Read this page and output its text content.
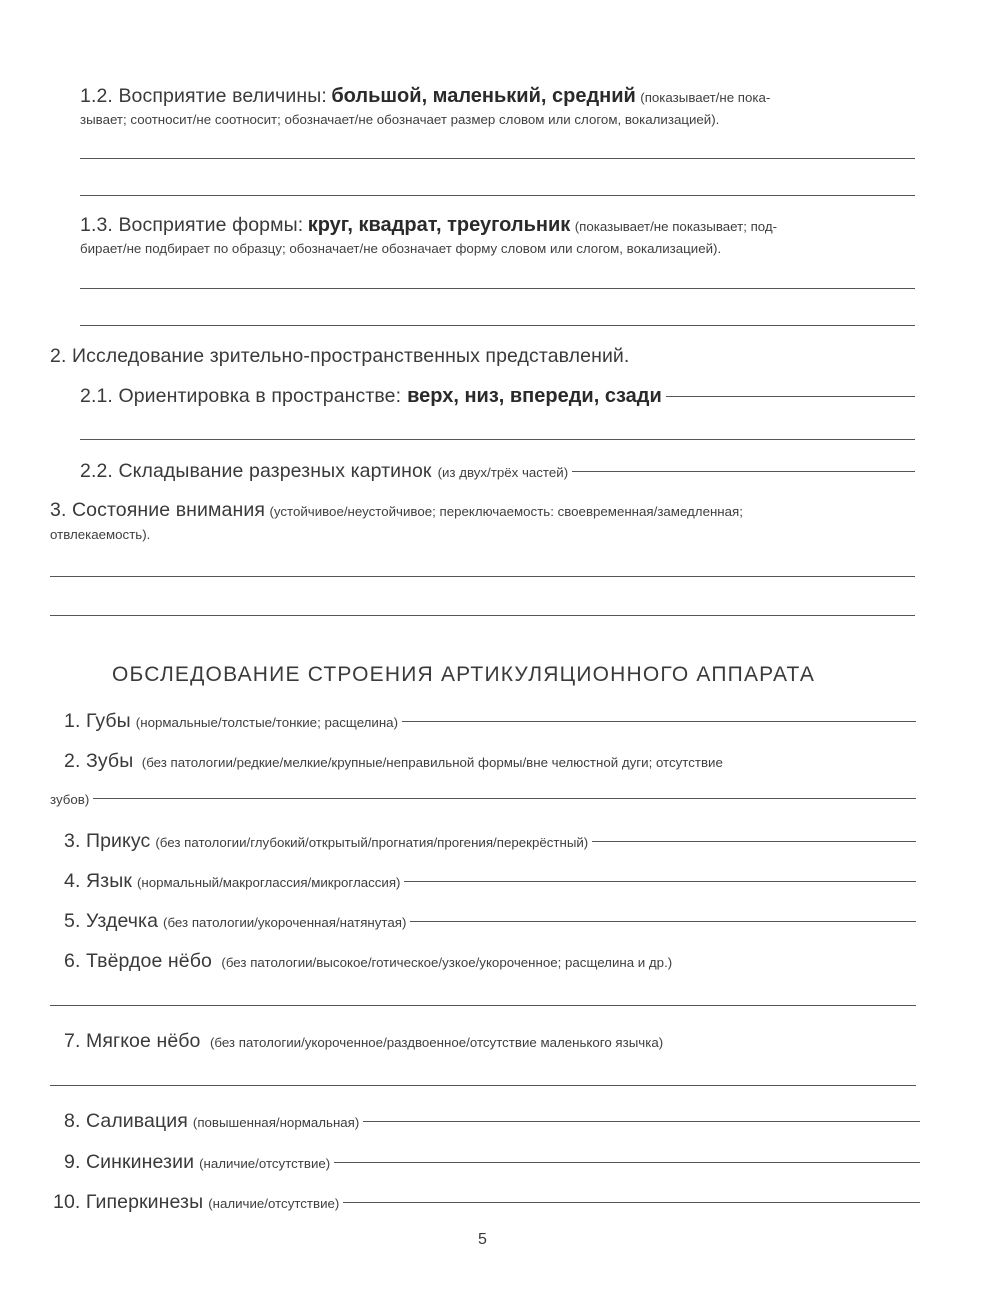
1.2. Восприятие величины: большой, маленький, средний (показывает/не пока-
зывает; соотносит/не соотносит; обозначает/не обозначает размер словом или слогом, вокализацией).
1.3. Восприятие формы: круг, квадрат, треугольник (показывает/не показывает; под-
бирает/не подбирает по образцу; обозначает/не обозначает форму словом или слогом, вокализацией).
2. Исследование зрительно-пространственных представлений.
2.1. Ориентировка в пространстве: верх, низ, впереди, сзади
2.2. Складывание разрезных картинок (из двух/трёх частей)
3. Состояние внимания (устойчивое/неустойчивое; переключаемость: своевременная/замедленная;
отвлекаемость).
ОБСЛЕДОВАНИЕ СТРОЕНИЯ АРТИКУЛЯЦИОННОГО АППАРАТА
1. Губы (нормальные/толстые/тонкие; расщелина)
2. Зубы (без патологии/редкие/мелкие/крупные/неправильной формы/вне челюстной дуги; отсутствие
зубов)
3. Прикус (без патологии/глубокий/открытый/прогнатия/прогения/перекрёстный)
4. Язык (нормальный/макроглассия/микроглассия)
5. Уздечка (без патологии/укороченная/натянутая)
6. Твёрдое нёбо (без патологии/высокое/готическое/узкое/укороченное; расщелина и др.)
7. Мягкое нёбо (без патологии/укороченное/раздвоенное/отсутствие маленького язычка)
8. Саливация (повышенная/нормальная)
9. Синкинезии (наличие/отсутствие)
10. Гиперкинезы (наличие/отсутствие)
5
